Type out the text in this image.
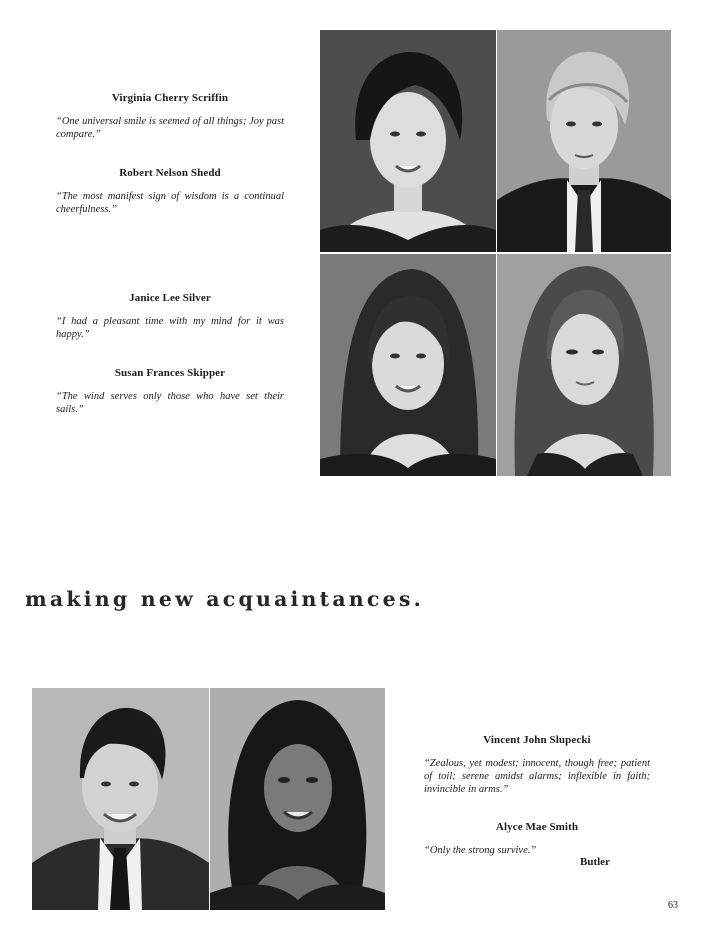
Virginia Cherry Scriffin

“One universal smile is seemed of all things; Joy past compare.”

Robert Nelson Shedd

“The most manifest sign of wisdom is a continual cheerfulness.”

Janice Lee Silver

“I had a pleasant time with my mind for it was happy.”

Susan Frances Skipper

“The wind serves only those who have set their sails.”

making new acquaintances.

Vincent John Slupecki

“Zealous, yet modest; innocent, though free; patient of toil; serene amidst alarms; inflexible in faith; invincible in arms.”

Alyce Mae Smith

“Only the strong survive.”

Butler

63
